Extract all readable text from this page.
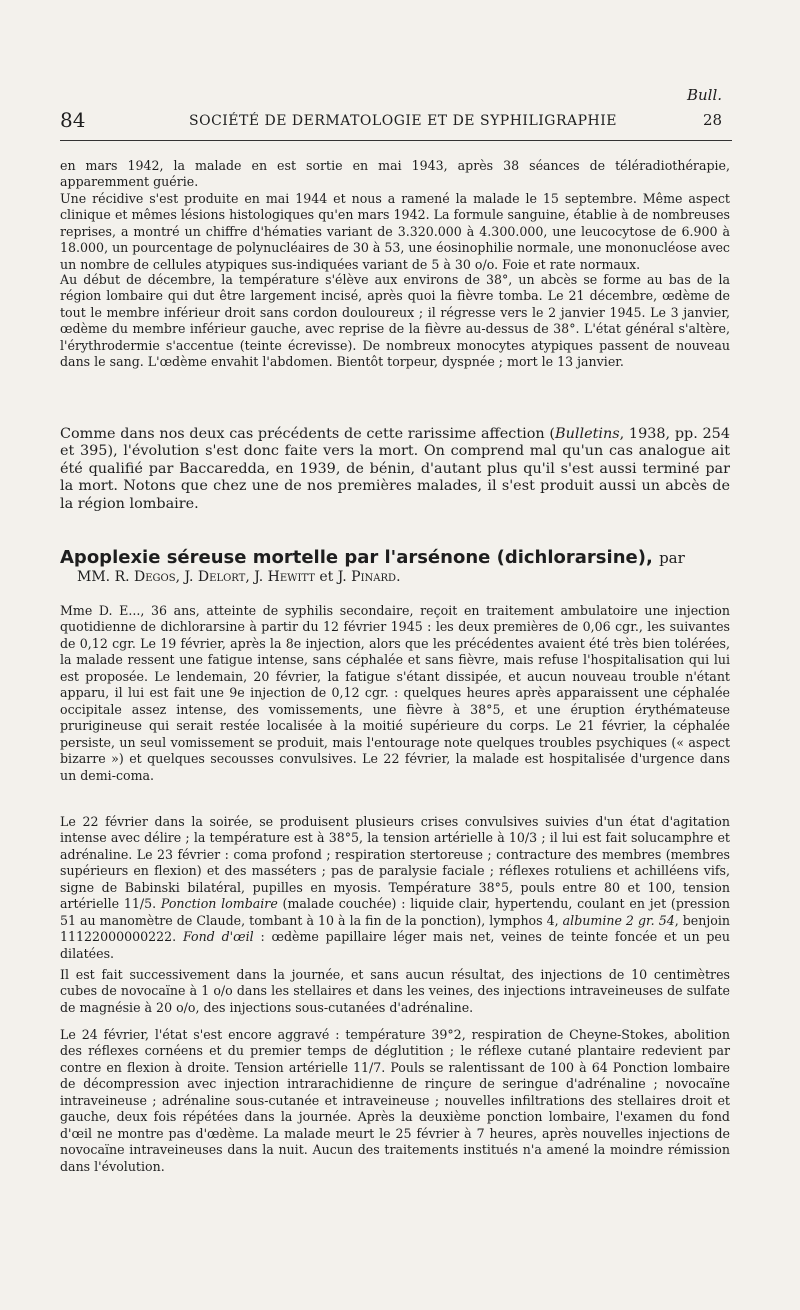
Bull.
84	SOCIÉTÉ DE DERMATOLOGIE ET DE SYPHILIGRAPHIE	28

en mars 1942, la malade en est sortie en mai 1943, après 38 séances de téléradiothérapie, apparemment guérie.

Une récidive s'est produite en mai 1944 et nous a ramené la malade le 15 septembre. Même aspect clinique et mêmes lésions histologiques qu'en mars 1942. La formule sanguine, établie à de nombreuses reprises, a montré un chiffre d'hématies variant de 3.320.000 à 4.300.000, une leucocytose de 6.900 à 18.000, un pourcentage de polynucléaires de 30 à 53, une éosinophilie normale, une mononucléose avec un nombre de cellules atypiques sus-indiquées variant de 5 à 30 o/o. Foie et rate normaux.

Au début de décembre, la température s'élève aux environs de 38°, un abcès se forme au bas de la région lombaire qui dut être largement incisé, après quoi la fièvre tomba. Le 21 décembre, œdème de tout le membre inférieur droit sans cordon douloureux ; il régresse vers le 2 janvier 1945. Le 3 janvier, œdème du membre inférieur gauche, avec reprise de la fièvre au-dessus de 38°. L'état général s'altère, l'érythrodermie s'accentue (teinte écrevisse). De nombreux monocytes atypiques passent de nouveau dans le sang. L'œdème envahit l'abdomen. Bientôt torpeur, dyspnée ; mort le 13 janvier.

Comme dans nos deux cas précédents de cette rarissime affection (Bulletins, 1938, pp. 254 et 395), l'évolution s'est donc faite vers la mort. On comprend mal qu'un cas analogue ait été qualifié par Baccaredda, en 1939, de bénin, d'autant plus qu'il s'est aussi terminé par la mort. Notons que chez une de nos premières malades, il s'est produit aussi un abcès de la région lombaire.

Apoplexie séreuse mortelle par l'arsénone (dichlorarsine), par
MM. R. Degos, J. Delort, J. Hewitt et J. Pinard.

Mme D. E..., 36 ans, atteinte de syphilis secondaire, reçoit en traitement ambulatoire une injection quotidienne de dichlorarsine à partir du 12 février 1945 : les deux premières de 0,06 cgr., les suivantes de 0,12 cgr. Le 19 février, après la 8e injection, alors que les précédentes avaient été très bien tolérées, la malade ressent une fatigue intense, sans céphalée et sans fièvre, mais refuse l'hospitalisation qui lui est proposée. Le lendemain, 20 février, la fatigue s'étant dissipée, et aucun nouveau trouble n'étant apparu, il lui est fait une 9e injection de 0,12 cgr. : quelques heures après apparaissent une céphalée occipitale assez intense, des vomissements, une fièvre à 38°5, et une éruption érythémateuse prurigineuse qui serait restée localisée à la moitié supérieure du corps. Le 21 février, la céphalée persiste, un seul vomissement se produit, mais l'entourage note quelques troubles psychiques (« aspect bizarre ») et quelques secousses convulsives. Le 22 février, la malade est hospitalisée d'urgence dans un demi-coma.

Le 22 février dans la soirée, se produisent plusieurs crises convulsives suivies d'un état d'agitation intense avec délire ; la température est à 38°5, la tension artérielle à 10/3 ; il lui est fait solucamphre et adrénaline. Le 23 février : coma profond ; respiration stertoreuse ; contracture des membres (membres supérieurs en flexion) et des masséters ; pas de paralysie faciale ; réflexes rotuliens et achilléens vifs, signe de Babinski bilatéral, pupilles en myosis. Température 38°5, pouls entre 80 et 100, tension artérielle 11/5. Ponction lombaire (malade couchée) : liquide clair, hypertendu, coulant en jet (pression 51 au manomètre de Claude, tombant à 10 à la fin de la ponction), lymphos 4, albumine 2 gr. 54, benjoin 11122000000222. Fond d'œil : œdème papillaire léger mais net, veines de teinte foncée et un peu dilatées.

Il est fait successivement dans la journée, et sans aucun résultat, des injections de 10 centimètres cubes de novocaïne à 1 o/o dans les stellaires et dans les veines, des injections intraveineuses de sulfate de magnésie à 20 o/o, des injections sous-cutanées d'adrénaline.

Le 24 février, l'état s'est encore aggravé : température 39°2, respiration de Cheyne-Stokes, abolition des réflexes cornéens et du premier temps de déglutition ; le réflexe cutané plantaire redevient par contre en flexion à droite. Tension artérielle 11/7. Pouls se ralentissant de 100 à 64 Ponction lombaire de décompression avec injection intrarachidienne de rinçure de seringue d'adrénaline ; novocaïne intraveineuse ; adrénaline sous-cutanée et intraveineuse ; nouvelles infiltrations des stellaires droit et gauche, deux fois répétées dans la journée. Après la deuxième ponction lombaire, l'examen du fond d'œil ne montre pas d'œdème. La malade meurt le 25 février à 7 heures, après nouvelles injections de novocaïne intraveineuses dans la nuit. Aucun des traitements institués n'a amené la moindre rémission dans l'évolution.
